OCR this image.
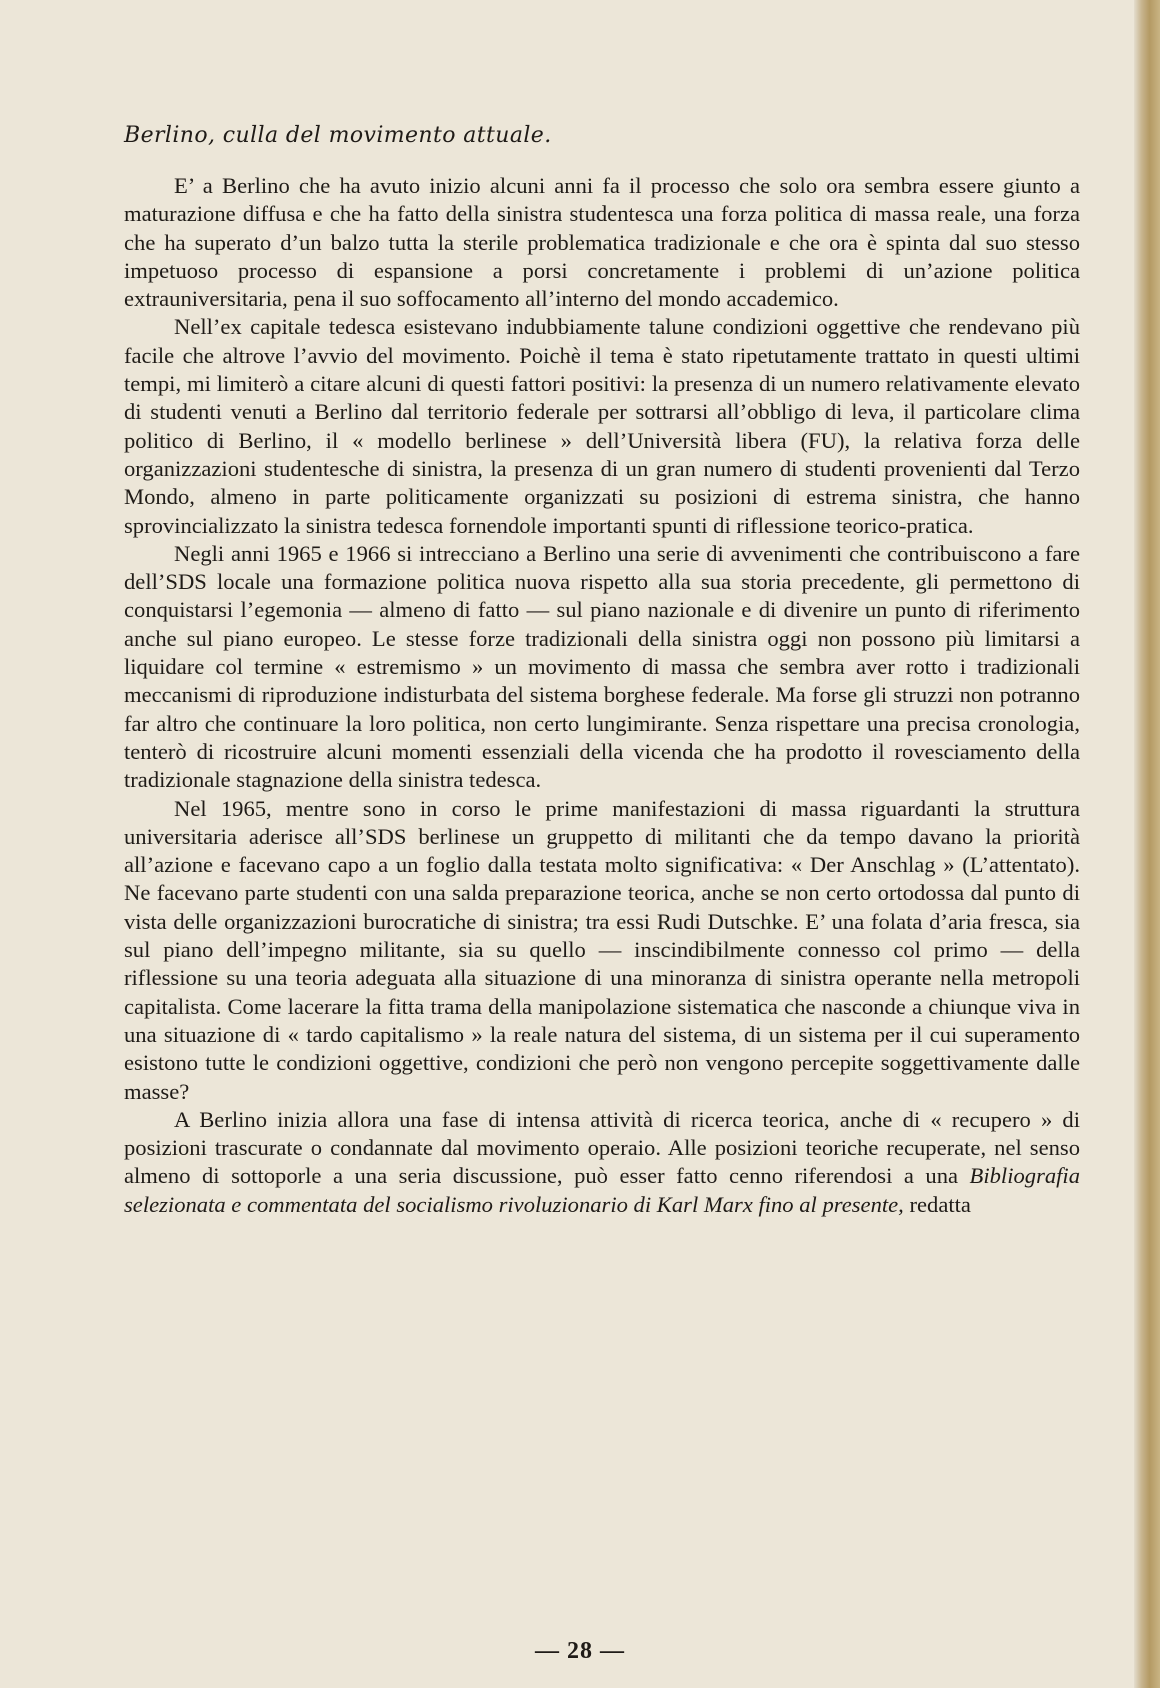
Berlino, culla del movimento attuale.

E’ a Berlino che ha avuto inizio alcuni anni fa il processo che solo ora sembra essere giunto a maturazione diffusa e che ha fatto della sinistra studentesca una forza politica di massa reale, una forza che ha superato d’un balzo tutta la sterile problematica tradizionale e che ora è spinta dal suo stesso impetuoso processo di espansione a porsi concretamente i problemi di un’azione politica extrauniversitaria, pena il suo soffocamento all’interno del mondo accademico.

Nell’ex capitale tedesca esistevano indubbiamente talune condizioni oggettive che rendevano più facile che altrove l’avvio del movimento. Poichè il tema è stato ripetutamente trattato in questi ultimi tempi, mi limiterò a citare alcuni di questi fattori positivi: la presenza di un numero relativamente elevato di studenti venuti a Berlino dal territorio federale per sottrarsi all’obbligo di leva, il particolare clima politico di Berlino, il « modello berlinese » dell’Università libera (FU), la relativa forza delle organizzazioni studentesche di sinistra, la presenza di un gran numero di studenti provenienti dal Terzo Mondo, almeno in parte politicamente organizzati su posizioni di estrema sinistra, che hanno sprovincializzato la sinistra tedesca fornendole importanti spunti di riflessione teorico-pratica.

Negli anni 1965 e 1966 si intrecciano a Berlino una serie di avvenimenti che contribuiscono a fare dell’SDS locale una formazione politica nuova rispetto alla sua storia precedente, gli permettono di conquistarsi l’egemonia — almeno di fatto — sul piano nazionale e di divenire un punto di riferimento anche sul piano europeo. Le stesse forze tradizionali della sinistra oggi non possono più limitarsi a liquidare col termine « estremismo » un movimento di massa che sembra aver rotto i tradizionali meccanismi di riproduzione indisturbata del sistema borghese federale. Ma forse gli struzzi non potranno far altro che continuare la loro politica, non certo lungimirante. Senza rispettare una precisa cronologia, tenterò di ricostruire alcuni momenti essenziali della vicenda che ha prodotto il rovesciamento della tradizionale stagnazione della sinistra tedesca.

Nel 1965, mentre sono in corso le prime manifestazioni di massa riguardanti la struttura universitaria aderisce all’SDS berlinese un gruppetto di militanti che da tempo davano la priorità all’azione e facevano capo a un foglio dalla testata molto significativa: « Der Anschlag » (L’attentato). Ne facevano parte studenti con una salda preparazione teorica, anche se non certo ortodossa dal punto di vista delle organizzazioni burocratiche di sinistra; tra essi Rudi Dutschke. E’ una folata d’aria fresca, sia sul piano dell’impegno militante, sia su quello — inscindibilmente connesso col primo — della riflessione su una teoria adeguata alla situazione di una minoranza di sinistra operante nella metropoli capitalista. Come lacerare la fitta trama della manipolazione sistematica che nasconde a chiunque viva in una situazione di « tardo capitalismo » la reale natura del sistema, di un sistema per il cui superamento esistono tutte le condizioni oggettive, condizioni che però non vengono percepite soggettivamente dalle masse?

A Berlino inizia allora una fase di intensa attività di ricerca teorica, anche di « recupero » di posizioni trascurate o condannate dal movimento operaio. Alle posizioni teoriche recuperate, nel senso almeno di sottoporle a una seria discussione, può esser fatto cenno riferendosi a una Bibliografia selezionata e commentata del socialismo rivoluzionario di Karl Marx fino al presente, redatta

— 28 —
